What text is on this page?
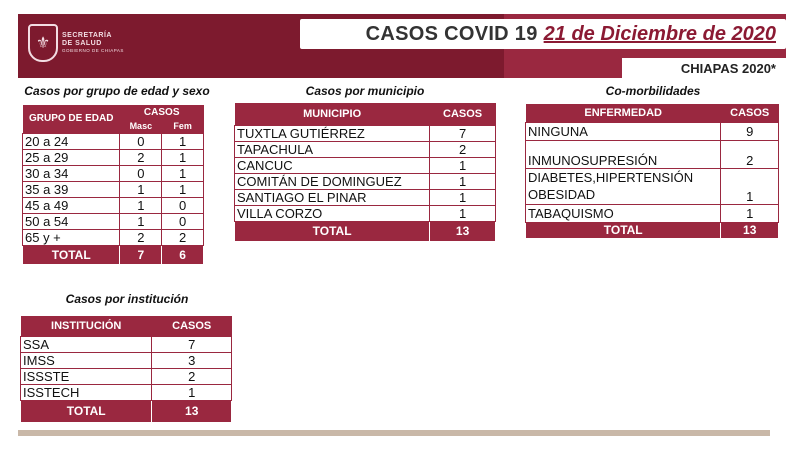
⚜	SECRETARÍA
DE SALUD
GOBIERNO DE CHIAPAS
CASOS COVID 19 21 de Diciembre de 2020
CHIAPAS 2020*
Casos por grupo de edad y sexo
GRUPO DE EDAD	CASOS	
	Masc	Fem
20 a 24	0	1
25 a 29	2	1
30 a 34	0	1
35 a 39	1	1
45 a 49	1	0
50 a 54	1	0
65 y +	2	2
TOTAL	7	6
Casos por institución
INSTITUCIÓN	CASOS
SSA	7
IMSS	3
ISSSTE	2
ISSTECH	1
TOTAL	13
Casos por municipio
MUNICIPIO	CASOS
TUXTLA GUTIÉRREZ	7
TAPACHULA	2
CANCUC	1
COMITÁN DE DOMINGUEZ	1
SANTIAGO EL PINAR	1
VILLA CORZO	1
TOTAL	13
Co-morbilidades
ENFERMEDAD	CASOS
NINGUNA	9
INMUNOSUPRESIÓN	2

DIABETES,HIPERTENSIÓN
OBESIDAD	1
TABAQUISMO	1
TOTAL	13
